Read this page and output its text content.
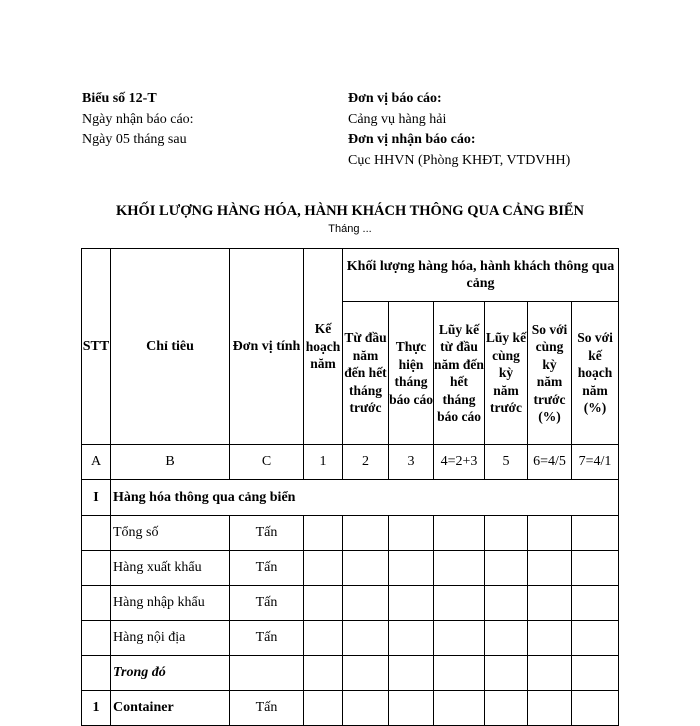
Biểu số 12-T
Ngày nhận báo cáo:
Ngày 05 tháng sau
Đơn vị báo cáo:
Cảng vụ hàng hải
Đơn vị nhận báo cáo:
Cục HHVN (Phòng KHĐT, VTDVHH)
KHỐI LƯỢNG HÀNG HÓA, HÀNH KHÁCH THÔNG QUA CẢNG BIỂN
Tháng ...
STT	Chỉ tiêu	Đơn vị tính	Kế hoạch năm	Khối lượng hàng hóa, hành khách thông qua cảng					
				Từ đầu năm đến hết tháng trước	Thực hiện tháng báo cáo	Lũy kế từ đầu năm đến hết tháng báo cáo	Lũy kế cùng kỳ năm trước	So với cùng kỳ năm trước (%)	So với kế hoạch năm (%)
A	B	C	1	2	3	4=2+3	5	6=4/5	7=4/1
I	Hàng hóa thông qua cảng biển								
	Tổng số	Tấn							
	Hàng xuất khẩu	Tấn							
	Hàng nhập khẩu	Tấn							
	Hàng nội địa	Tấn							
	Trong đó								
1	Container	Tấn							
